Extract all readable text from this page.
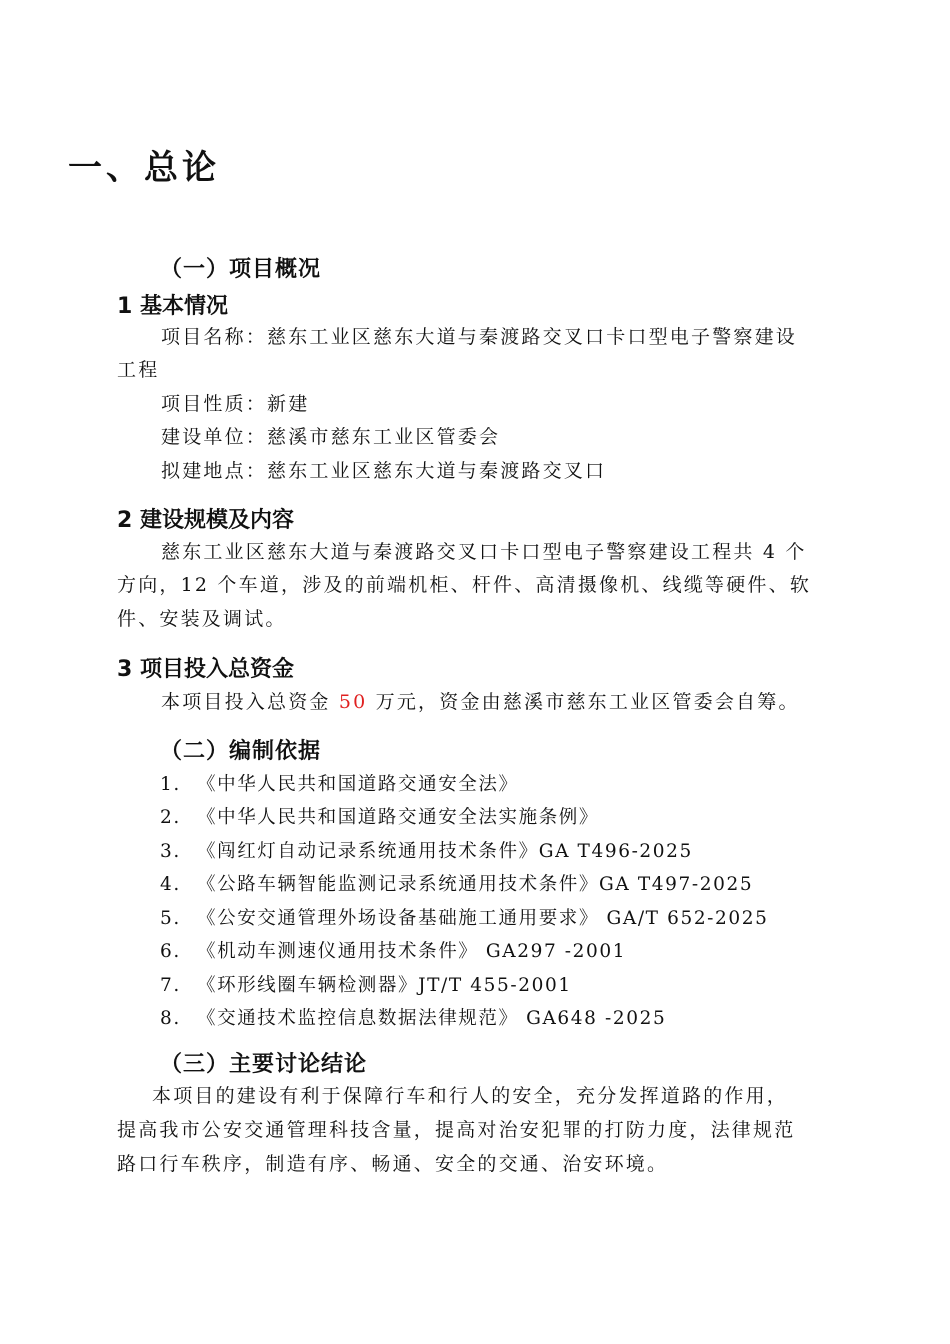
一、总论
（一）项目概况
1 基本情况
项目名称：慈东工业区慈东大道与秦渡路交叉口卡口型电子警察建设
工程
项目性质：新建
建设单位：慈溪市慈东工业区管委会
拟建地点：慈东工业区慈东大道与秦渡路交叉口
2 建设规模及内容
慈东工业区慈东大道与秦渡路交叉口卡口型电子警察建设工程共 4 个
方向，12 个车道，涉及的前端机柜、杆件、高清摄像机、线缆等硬件、软
件、安装及调试。
3 项目投入总资金
本项目投入总资金 50 万元，资金由慈溪市慈东工业区管委会自筹。
（二）编制依据
1. 《中华人民共和国道路交通安全法》
2. 《中华人民共和国道路交通安全法实施条例》
3. 《闯红灯自动记录系统通用技术条件》GA T496-2025
4. 《公路车辆智能监测记录系统通用技术条件》GA T497-2025
5. 《公安交通管理外场设备基础施工通用要求》 GA/T 652-2025
6. 《机动车测速仪通用技术条件》 GA297 -2001
7. 《环形线圈车辆检测器》JT/T 455-2001
8. 《交通技术监控信息数据法律规范》 GA648 -2025
（三）主要讨论结论
本项目的建设有利于保障行车和行人的安全，充分发挥道路的作用，
提高我市公安交通管理科技含量，提高对治安犯罪的打防力度，法律规范
路口行车秩序，制造有序、畅通、安全的交通、治安环境。
